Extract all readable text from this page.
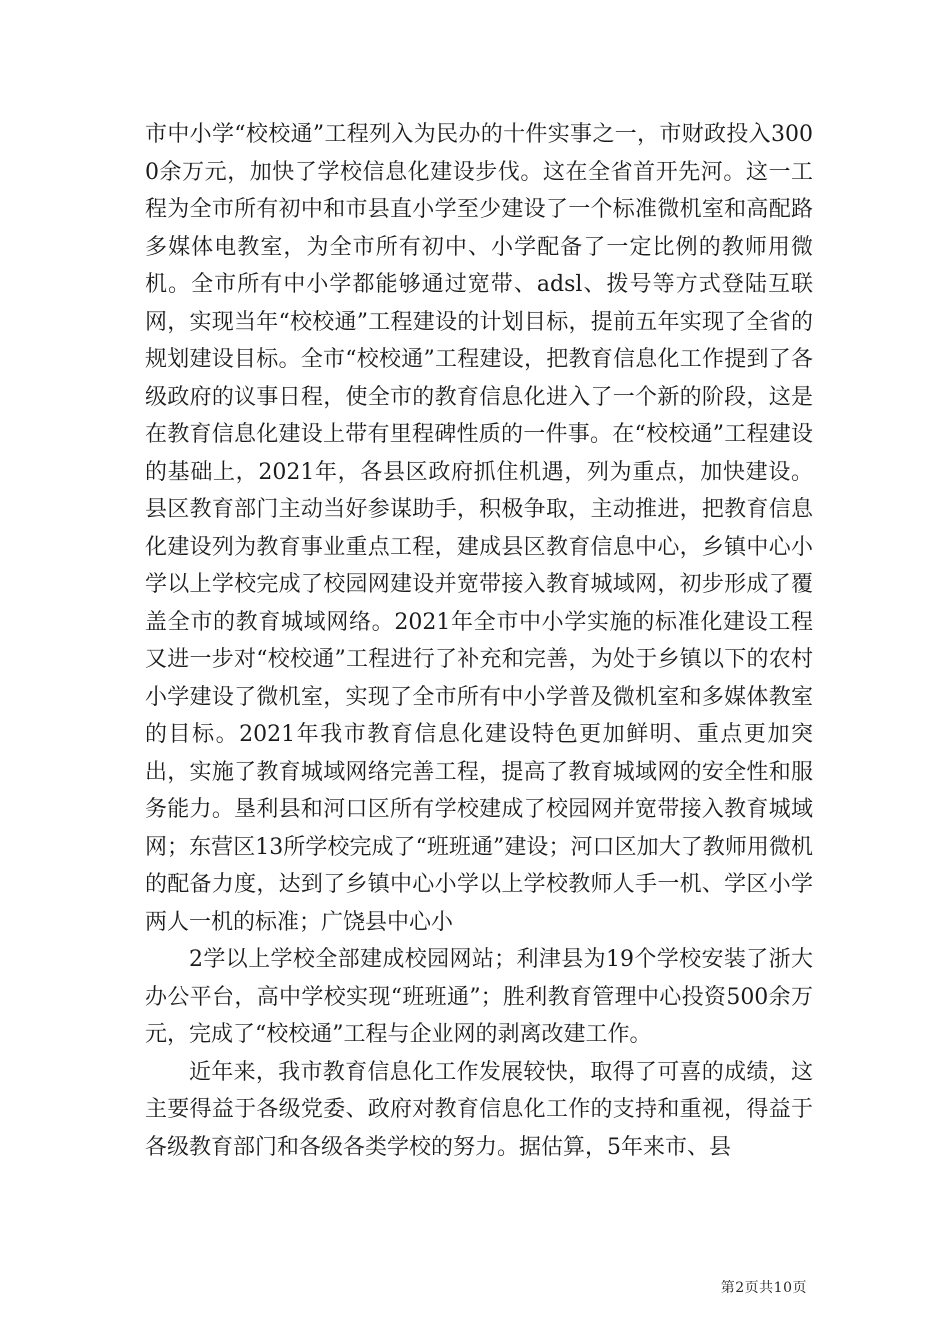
市中小学“校校通”工程列入为民办的十件实事之一，市财政投入3000余万元，加快了学校信息化建设步伐。这在全省首开先河。这一工程为全市所有初中和市县直小学至少建设了一个标准微机室和高配路多媒体电教室，为全市所有初中、小学配备了一定比例的教师用微机。全市所有中小学都能够通过宽带、adsl、拨号等方式登陆互联网，实现当年“校校通”工程建设的计划目标，提前五年实现了全省的规划建设目标。全市“校校通”工程建设，把教育信息化工作提到了各级政府的议事日程，使全市的教育信息化进入了一个新的阶段，这是在教育信息化建设上带有里程碑性质的一件事。在“校校通”工程建设的基础上，2021年，各县区政府抓住机遇，列为重点，加快建设。县区教育部门主动当好参谋助手，积极争取，主动推进，把教育信息化建设列为教育事业重点工程，建成县区教育信息中心，乡镇中心小学以上学校完成了校园网建设并宽带接入教育城域网，初步形成了覆盖全市的教育城域网络。2021年全市中小学实施的标准化建设工程又进一步对“校校通”工程进行了补充和完善，为处于乡镇以下的农村小学建设了微机室，实现了全市所有中小学普及微机室和多媒体教室的目标。2021年我市教育信息化建设特色更加鲜明、重点更加突出，实施了教育城域网络完善工程，提高了教育城域网的安全性和服务能力。垦利县和河口区所有学校建成了校园网并宽带接入教育城域网；东营区13所学校完成了“班班通”建设；河口区加大了教师用微机的配备力度，达到了乡镇中心小学以上学校教师人手一机、学区小学两人一机的标准；广饶县中心小

2学以上学校全部建成校园网站；利津县为19个学校安装了浙大办公平台，高中学校实现“班班通”；胜利教育管理中心投资500余万元，完成了“校校通”工程与企业网的剥离改建工作。

近年来，我市教育信息化工作发展较快，取得了可喜的成绩，这主要得益于各级党委、政府对教育信息化工作的支持和重视，得益于各级教育部门和各级各类学校的努力。据估算，5年来市、县

第2页共10页
